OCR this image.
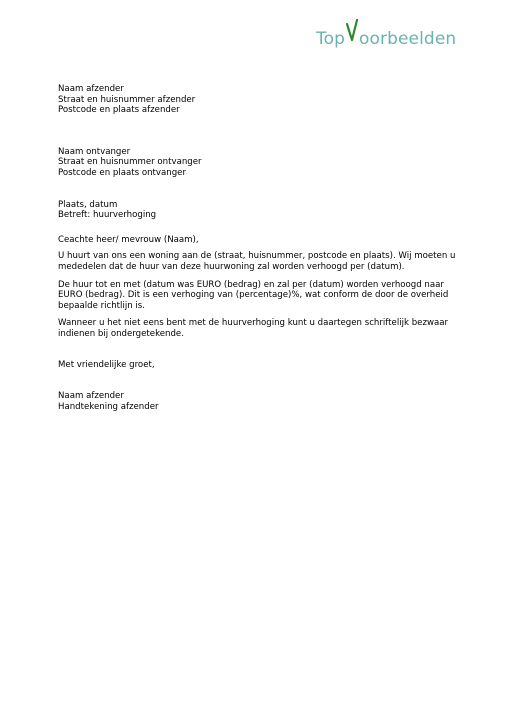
Top oorbeelden
Naam afzender
Straat en huisnummer afzender
Postcode en plaats afzender
Naam ontvanger
Straat en huisnummer ontvanger
Postcode en plaats ontvanger
Plaats, datum
Betreft: huurverhoging
Ceachte heer/ mevrouw (Naam),
U huurt van ons een woning aan de (straat, huisnummer, postcode en plaats). Wij moeten u
mededelen dat de huur van deze huurwoning zal worden verhoogd per (datum).
De huur tot en met (datum was EURO (bedrag) en zal per (datum) worden verhoogd naar
EURO (bedrag). Dit is een verhoging van (percentage)%, wat conform de door de overheid
bepaalde richtlijn is.
Wanneer u het niet eens bent met de huurverhoging kunt u daartegen schriftelijk bezwaar
indienen bij ondergetekende.
Met vriendelijke groet,
Naam afzender
Handtekening afzender
